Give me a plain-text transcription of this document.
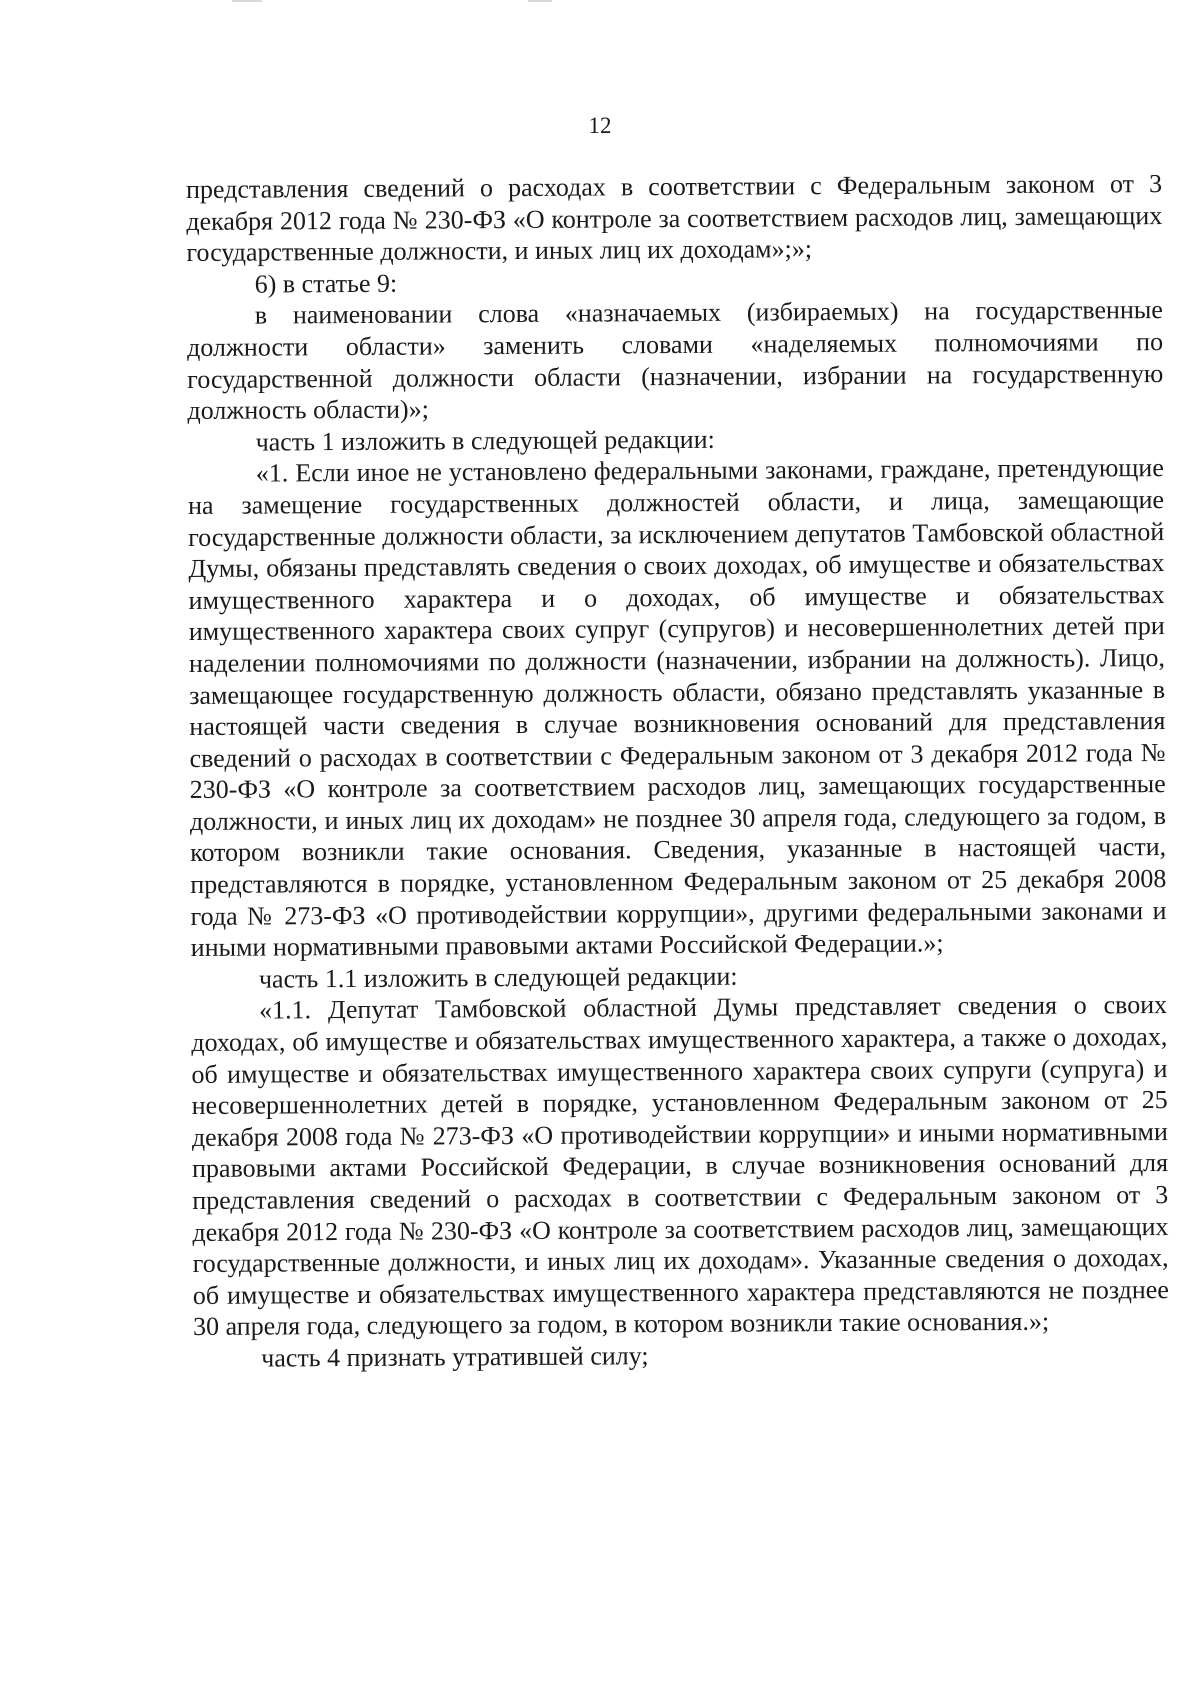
12

представления сведений о расходах в соответствии с Федеральным законом от 3 декабря 2012 года № 230-ФЗ «О контроле за соответствием расходов лиц, замещающих государственные должности, и иных лиц их доходам»;»;

6) в статье 9:

в наименовании слова «назначаемых (избираемых) на государственные должности области» заменить словами «наделяемых полномочиями по государственной должности области (назначении, избрании на государственную должность области)»;

часть 1 изложить в следующей редакции:

«1. Если иное не установлено федеральными законами, граждане, претендующие на замещение государственных должностей области, и лица, замещающие государственные должности области, за исключением депутатов Тамбовской областной Думы, обязаны представлять сведения о своих доходах, об имуществе и обязательствах имущественного характера и о доходах, об имуществе и обязательствах имущественного характера своих супруг (супругов) и несовершеннолетних детей при наделении полномочиями по должности (назначении, избрании на должность). Лицо, замещающее государственную должность области, обязано представлять указанные в настоящей части сведения в случае возникновения оснований для представления сведений о расходах в соответствии с Федеральным законом от 3 декабря 2012 года № 230-ФЗ «О контроле за соответствием расходов лиц, замещающих государственные должности, и иных лиц их доходам» не позднее 30 апреля года, следующего за годом, в котором возникли такие основания. Сведения, указанные в настоящей части, представляются в порядке, установленном Федеральным законом от 25 декабря 2008 года № 273-ФЗ «О противодействии коррупции», другими федеральными законами и иными нормативными правовыми актами Российской Федерации.»;

часть 1.1 изложить в следующей редакции:

«1.1. Депутат Тамбовской областной Думы представляет сведения о своих доходах, об имуществе и обязательствах имущественного характера, а также о доходах, об имуществе и обязательствах имущественного характера своих супруги (супруга) и несовершеннолетних детей в порядке, установленном Федеральным законом от 25 декабря 2008 года № 273-ФЗ «О противодействии коррупции» и иными нормативными правовыми актами Российской Федерации, в случае возникновения оснований для представления сведений о расходах в соответствии с Федеральным законом от 3 декабря 2012 года № 230-ФЗ «О контроле за соответствием расходов лиц, замещающих государственные должности, и иных лиц их доходам». Указанные сведения о доходах, об имуществе и обязательствах имущественного характера представляются не позднее 30 апреля года, следующего за годом, в котором возникли такие основания.»;

часть 4 признать утратившей силу;
